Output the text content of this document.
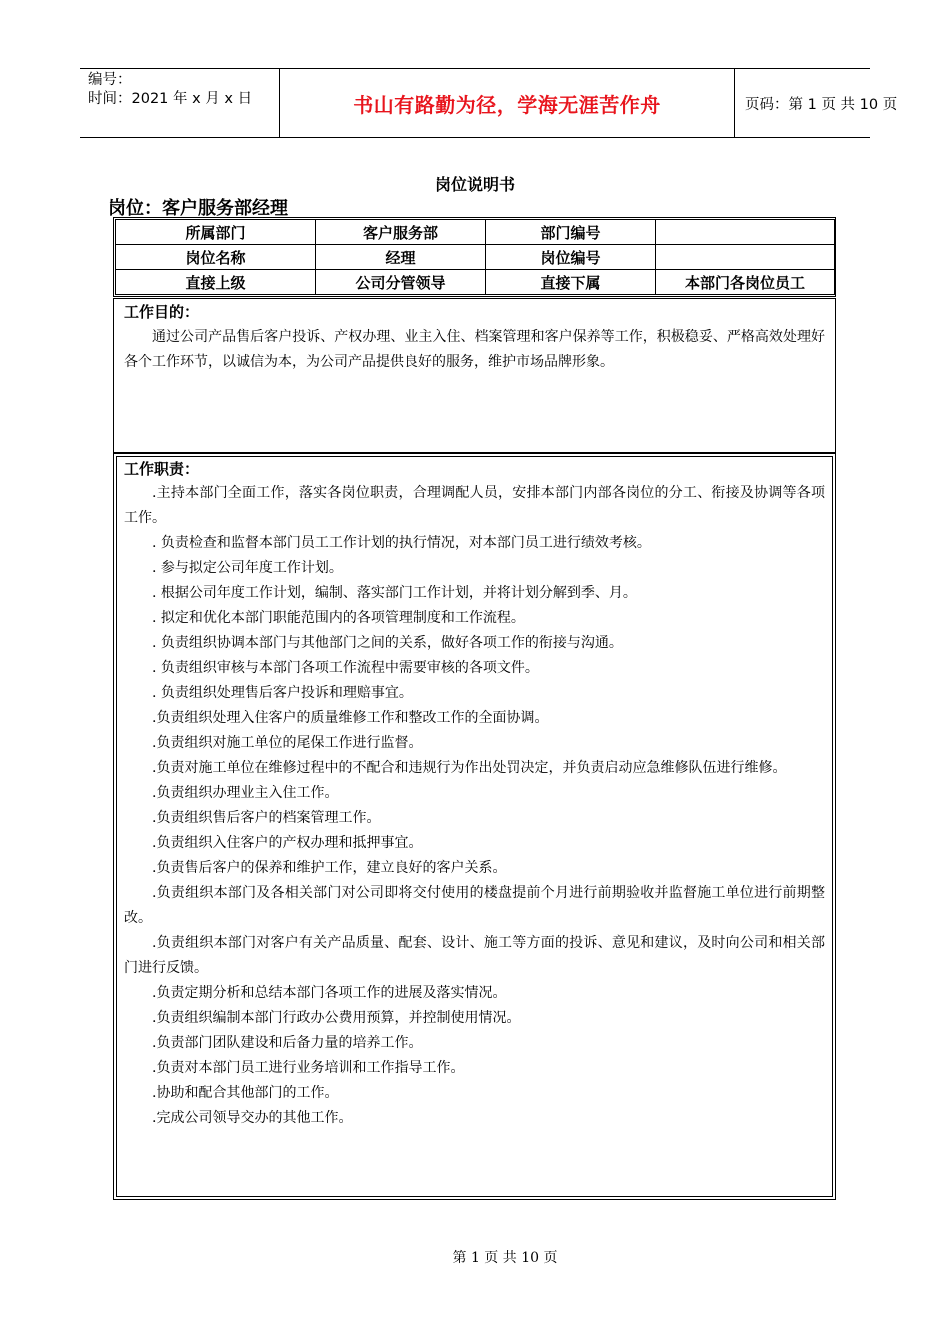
编号：
时间：2021 年 x 月 x 日	书山有路勤为径，学海无涯苦作舟	页码：第 1 页 共 10 页
岗位说明书
岗位：客户服务部经理
所属部门	客户服务部	部门编号	
岗位名称	经理	岗位编号	
直接上级	公司分管领导	直接下属	本部门各岗位员工
工作目的：

通过公司产品售后客户投诉、产权办理、业主入住、档案管理和客户保养等工作，积极稳妥、严格高效处理好各个工作环节，以诚信为本，为公司产品提供良好的服务，维护市场品牌形象。

工作职责：

.主持本部门全面工作，落实各岗位职责，合理调配人员，安排本部门内部各岗位的分工、衔接及协调等各项工作。

. 负责检查和监督本部门员工工作计划的执行情况，对本部门员工进行绩效考核。

. 参与拟定公司年度工作计划。

. 根据公司年度工作计划，编制、落实部门工作计划，并将计划分解到季、月。

. 拟定和优化本部门职能范围内的各项管理制度和工作流程。

. 负责组织协调本部门与其他部门之间的关系，做好各项工作的衔接与沟通。

. 负责组织审核与本部门各项工作流程中需要审核的各项文件。

. 负责组织处理售后客户投诉和理赔事宜。

.负责组织处理入住客户的质量维修工作和整改工作的全面协调。

.负责组织对施工单位的尾保工作进行监督。

.负责对施工单位在维修过程中的不配合和违规行为作出处罚决定，并负责启动应急维修队伍进行维修。

.负责组织办理业主入住工作。

.负责组织售后客户的档案管理工作。

.负责组织入住客户的产权办理和抵押事宜。

.负责售后客户的保养和维护工作，建立良好的客户关系。

.负责组织本部门及各相关部门对公司即将交付使用的楼盘提前个月进行前期验收并监督施工单位进行前期整改。

.负责组织本部门对客户有关产品质量、配套、设计、施工等方面的投诉、意见和建议，及时向公司和相关部门进行反馈。

.负责定期分析和总结本部门各项工作的进展及落实情况。

.负责组织编制本部门行政办公费用预算，并控制使用情况。

.负责部门团队建设和后备力量的培养工作。

.负责对本部门员工进行业务培训和工作指导工作。

.协助和配合其他部门的工作。

.完成公司领导交办的其他工作。

第 1 页 共 10 页
